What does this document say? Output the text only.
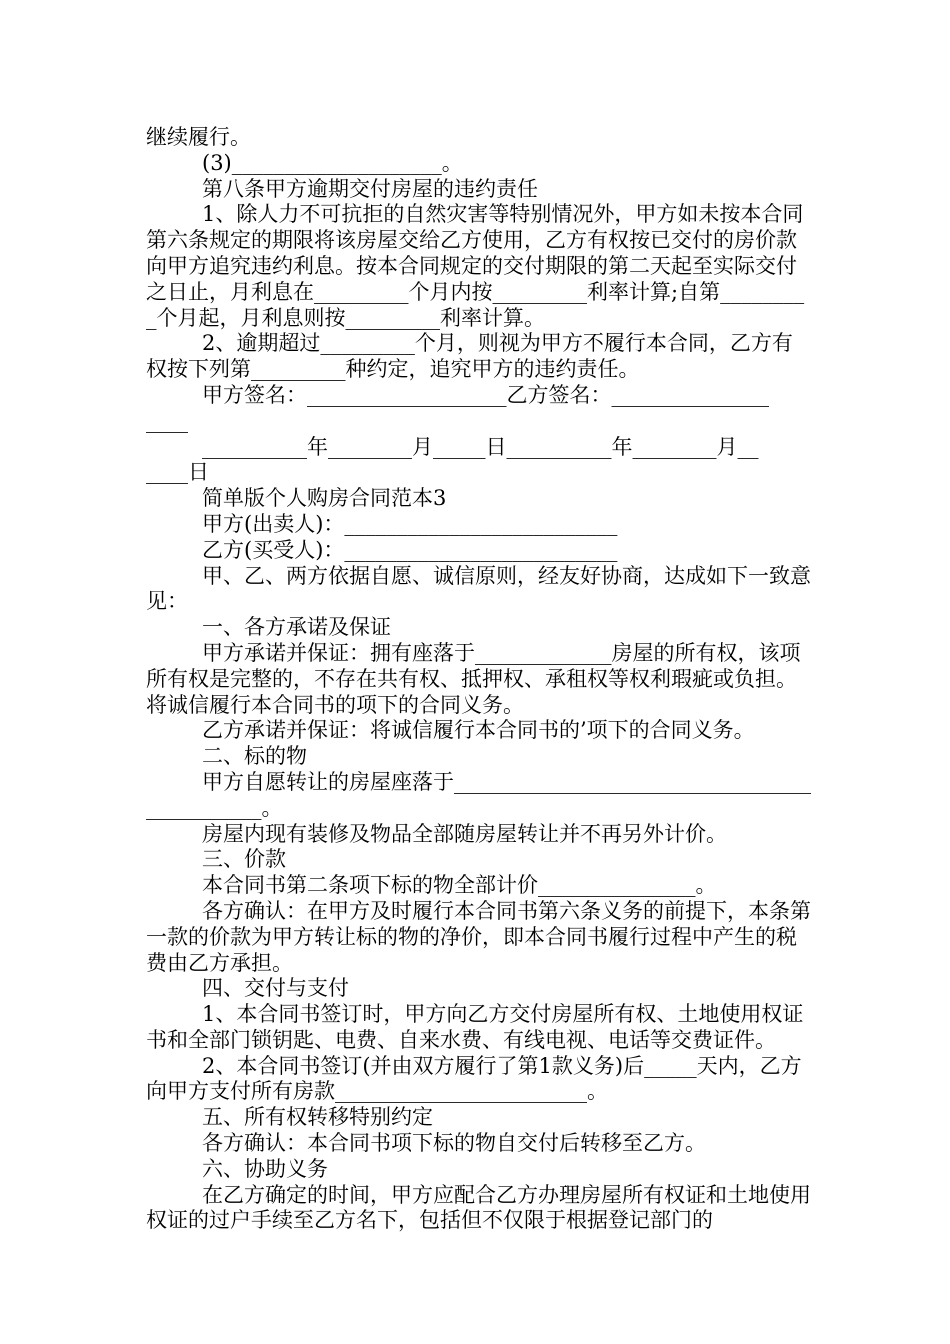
继续履行。

(3)____________________。

第八条甲方逾期交付房屋的违约责任

1、除人力不可抗拒的自然灾害等特别情况外，甲方如未按本合同第六条规定的期限将该房屋交给乙方使用，乙方有权按已交付的房价款向甲方追究违约利息。按本合同规定的交付期限的第二天起至实际交付之日止，月利息在_________个月内按_________利率计算;自第_________个月起，月利息则按_________利率计算。

2、逾期超过_________个月，则视为甲方不履行本合同，乙方有权按下列第_________种约定，追究甲方的违约责任。

甲方签名：___________________乙方签名：_______________
____

__________年________月_____日__________年________月__
____日

简单版个人购房合同范本3

甲方(出卖人)：__________________________

乙方(买受人)：__________________________

甲、乙、两方依据自愿、诚信原则，经友好协商，达成如下一致意见：

一、各方承诺及保证

甲方承诺并保证：拥有座落于_____________房屋的所有权，该项所有权是完整的，不存在共有权、抵押权、承租权等权利瑕疵或负担。将诚信履行本合同书的项下的合同义务。

乙方承诺并保证：将诚信履行本合同书的’项下的合同义务。

二、标的物

甲方自愿转让的房屋座落于_____________________________________________。

房屋内现有装修及物品全部随房屋转让并不再另外计价。

三、价款

本合同书第二条项下标的物全部计价_______________。

各方确认：在甲方及时履行本合同书第六条义务的前提下，本条第一款的价款为甲方转让标的物的净价，即本合同书履行过程中产生的税费由乙方承担。

四、交付与支付

1、本合同书签订时，甲方向乙方交付房屋所有权、土地使用权证书和全部门锁钥匙、电费、自来水费、有线电视、电话等交费证件。

2、本合同书签订(并由双方履行了第1款义务)后_____天内，乙方向甲方支付所有房款________________________。

五、所有权转移特别约定

各方确认：本合同书项下标的物自交付后转移至乙方。

六、协助义务

在乙方确定的时间，甲方应配合乙方办理房屋所有权证和土地使用权证的过户手续至乙方名下，包括但不仅限于根据登记部门的
